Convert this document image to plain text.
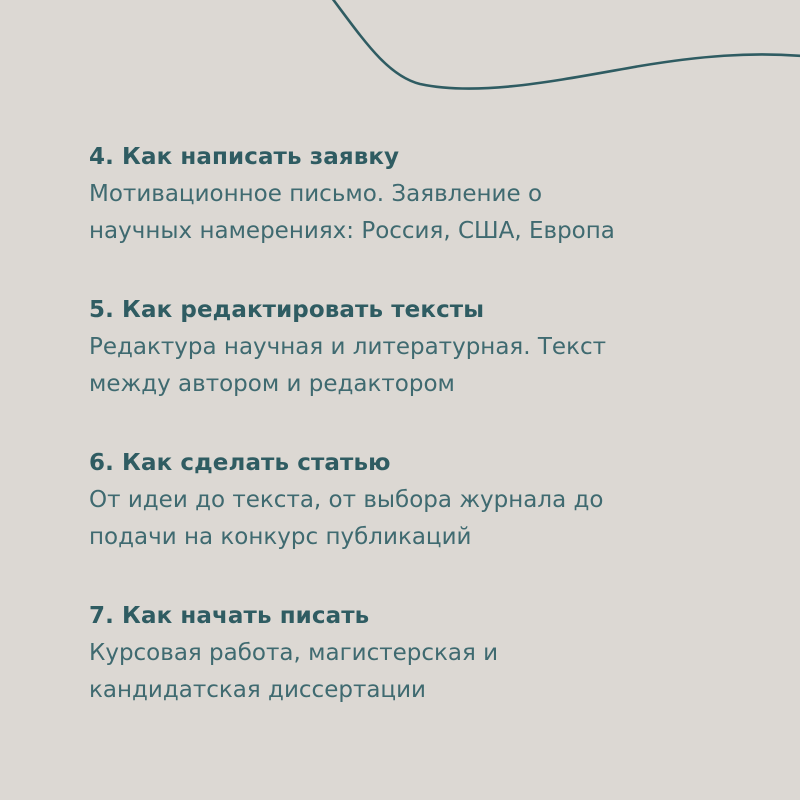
4. Как написать заявку

Мотивационное письмо. Заявление о
научных намерениях: Россия, США, Европа

5. Как редактировать тексты

Редактура научная и литературная. Текст
между автором и редактором

6. Как сделать статью

От идеи до текста, от выбора журнала до
подачи на конкурс публикаций

7. Как начать писать

Курсовая работа, магистерская и
кандидатская диссертации
